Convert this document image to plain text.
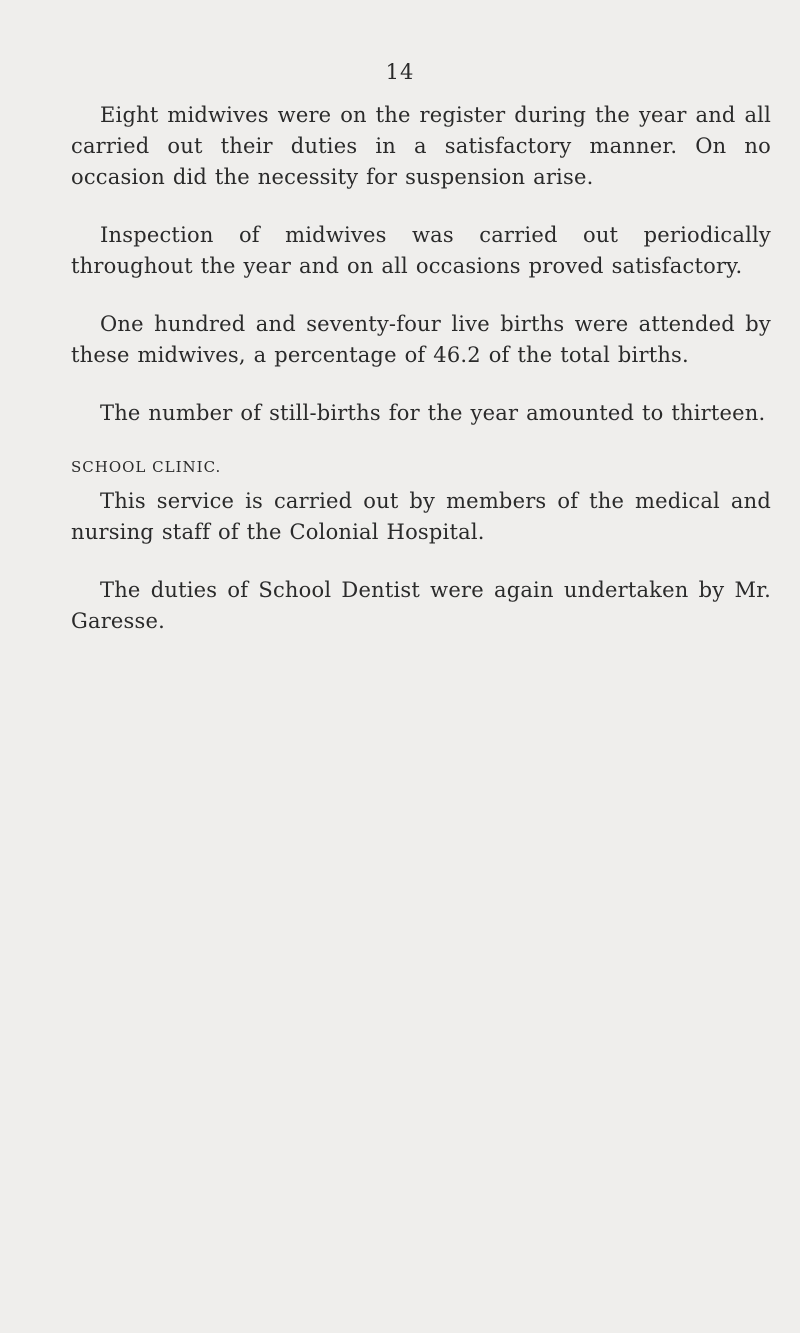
14

Eight midwives were on the register during the year and all carried out their duties in a satisfactory manner. On no occasion did the necessity for suspension arise.

Inspection of midwives was carried out periodically throughout the year and on all occasions proved satisfactory.

One hundred and seventy-four live births were attended by these midwives, a percentage of 46.2 of the total births.

The number of still-births for the year amounted to thirteen.

SCHOOL CLINIC.

This service is carried out by members of the medical and nursing staff of the Colonial Hospital.

The duties of School Dentist were again undertaken by Mr. Garesse.
